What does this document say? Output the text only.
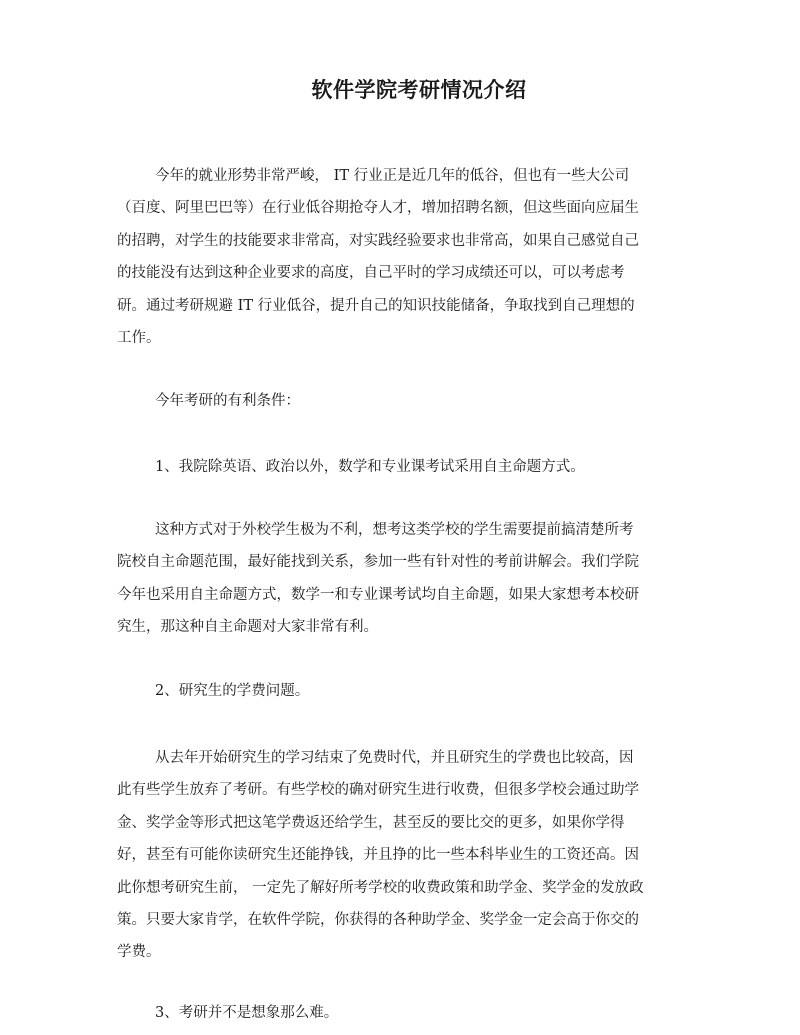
软件学院考研情况介绍

今年的就业形势非常严峻， IT 行业正是近几年的低谷，但也有一些大公司
（百度、阿里巴巴等）在行业低谷期抢夺人才，增加招聘名额，但这些面向应届生
的招聘，对学生的技能要求非常高，对实践经验要求也非常高，如果自己感觉自己
的技能没有达到这种企业要求的高度，自己平时的学习成绩还可以，可以考虑考
研。通过考研规避 IT 行业低谷，提升自己的知识技能储备，争取找到自己理想的
工作。

今年考研的有利条件：

1、我院除英语、政治以外，数学和专业课考试采用自主命题方式。

这种方式对于外校学生极为不利，想考这类学校的学生需要提前搞清楚所考
院校自主命题范围，最好能找到关系，参加一些有针对性的考前讲解会。我们学院
今年也采用自主命题方式，数学一和专业课考试均自主命题，如果大家想考本校研
究生，那这种自主命题对大家非常有利。

2、研究生的学费问题。

从去年开始研究生的学习结束了免费时代，并且研究生的学费也比较高，因
此有些学生放弃了考研。有些学校的确对研究生进行收费，但很多学校会通过助学
金、奖学金等形式把这笔学费返还给学生，甚至反的要比交的更多，如果你学得
好，甚至有可能你读研究生还能挣钱，并且挣的比一些本科毕业生的工资还高。因
此你想考研究生前， 一定先了解好所考学校的收费政策和助学金、奖学金的发放政
策。只要大家肯学，在软件学院，你获得的各种助学金、奖学金一定会高于你交的
学费。

3、考研并不是想象那么难。
